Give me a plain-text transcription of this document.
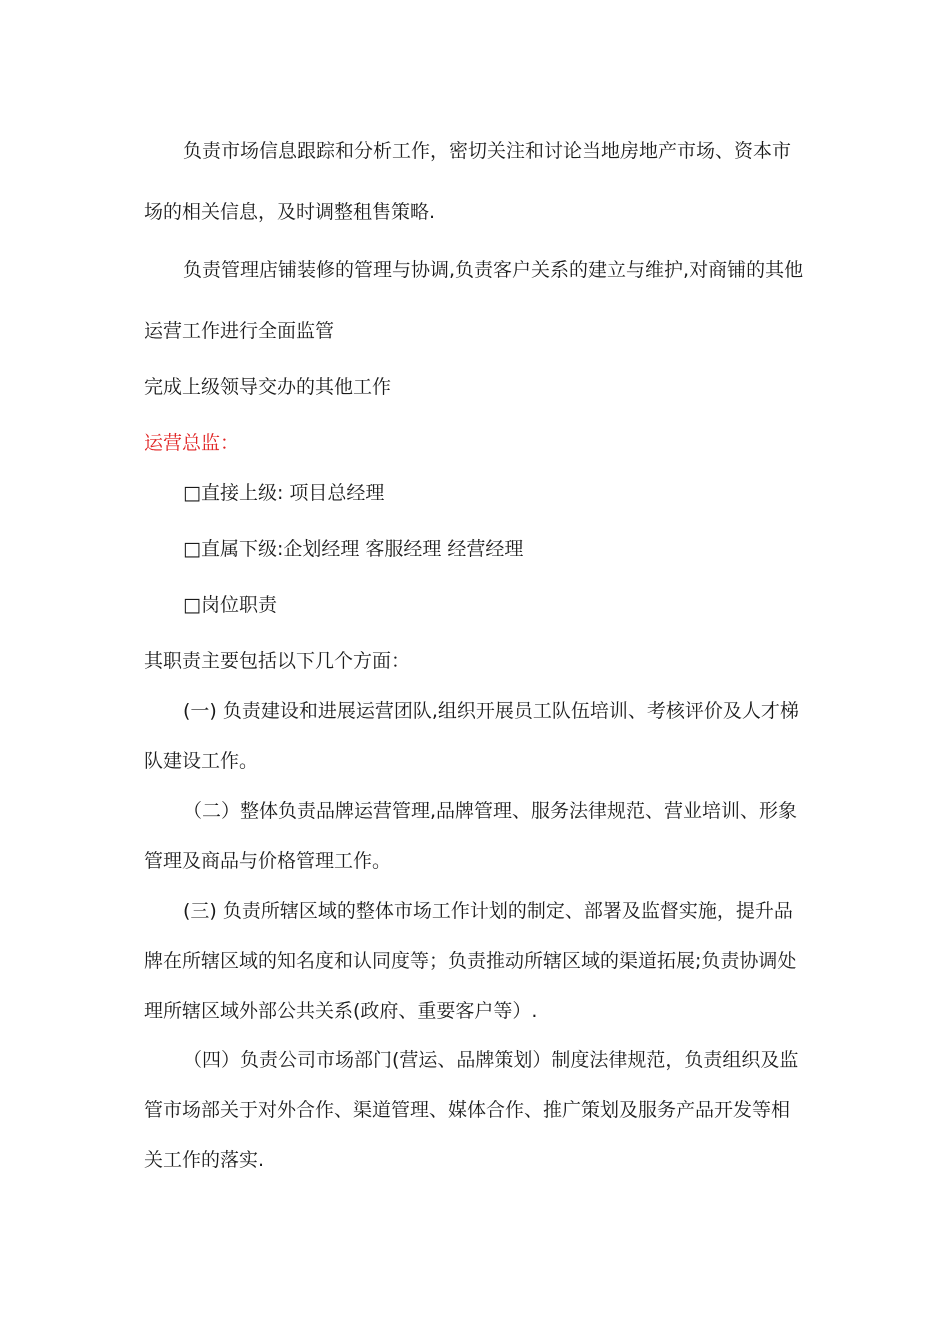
负责市场信息跟踪和分析工作，密切关注和讨论当地房地产市场、资本市
场的相关信息，及时调整租售策略.
负责管理店铺装修的管理与协调,负责客户关系的建立与维护,对商铺的其他
运营工作进行全面监管
完成上级领导交办的其他工作
运营总监：
□直接上级: 项目总经理
□直属下级:企划经理 客服经理 经营经理
□岗位职责
其职责主要包括以下几个方面：
(一) 负责建设和进展运营团队,组织开展员工队伍培训、考核评价及人才梯
队建设工作。
（二）整体负责品牌运营管理,品牌管理、服务法律规范、营业培训、形象
管理及商品与价格管理工作。
(三) 负责所辖区域的整体市场工作计划的制定、部署及监督实施，提升品
牌在所辖区域的知名度和认同度等；负责推动所辖区域的渠道拓展;负责协调处
理所辖区域外部公共关系(政府、重要客户等）.
（四）负责公司市场部门(营运、品牌策划）制度法律规范，负责组织及监
管市场部关于对外合作、渠道管理、媒体合作、推广策划及服务产品开发等相
关工作的落实.
